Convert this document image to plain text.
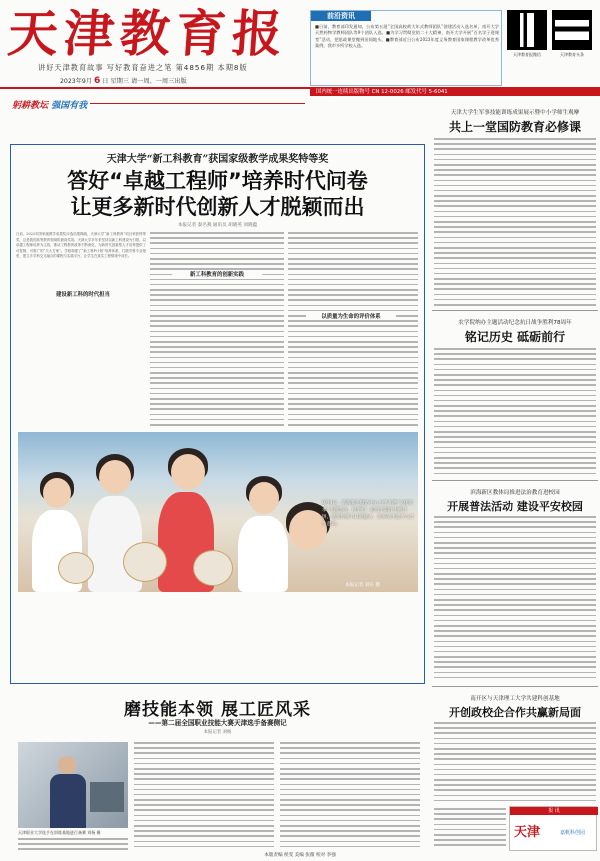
天津教育报
讲好天津教育故事 写好教育奋进之笔 第4856期 本期8版
2023年9月 6 日 星期三 请一周、一周三出版
前沿资讯
■日前，教育部印发通知，公布第五批“全国高校黄大年式教师团队”创建活动入选名单，南开大学天然药物学教师团队等9个团队入选。■为学习贯彻党的二十大精神，南开大学开展“百名学子进课堂”活动，把思政课堂搬到田间地头。■教育部近日公布2023年度义务教育国家课程教学改革优秀案例，我市多所学校入选。
天津教育报微信	天津教育头条
国内统一连续出版物号 CN 12-0026 邮发代号 5-6041
躬耕教坛 强国有我
天津大学“新工科教育”获国家级教学成果奖特等奖
答好“卓越工程师”培养时代问卷
让更多新时代创新人才脱颖而出
本报记者 秦名燕 通讯员 胡晓英 刘晓蕴
日前，2022年国家级教学成果奖评选结果揭晓，天津大学“新工科教育”项目荣获特等奖，这是我国高等教育领域的最高奖项。天津大学多年来坚持以新工科建设为引领，以卓越工程师培养为主线，推动工程教育改革不断深化，为新时代创新型人才培养提供了可复制、可推广的“天大方案”。学校构建了“新工科F计划”培养体系，打破学科专业壁垒，建立多学科交叉融合的课程与实践平台，让学生在真实工程情境中成长。
建设新工科的时代担当
新工科教育的创新实践
以质量为生命的评价体系
9月4日，滨海新区塘沽中心小学开展“文化传承”主题活动，同学们一起动手制作中秋月饼，感受传统节日的魅力，培养动手能力与合作意识。
本报记者 刘东 摄
磨技能本领 展工匠风采
——第二届全国职业技能大赛天津选手备赛侧记
本报记者 刘杨
天津职业大学选手在训练基地进行备赛 刘杨 摄
天津大学生军事技能训练成果展示暨中小学师生观摩
共上一堂国防教育必修课
农学院纳办主题活动纪念抗日战争胜利78周年
铭记历史 砥砺前行
滨海新区教体局推进法治教育进校园
开展普法活动 建设平安校园
南开区与天津理工大学共建科创基地
开创政校企合作共赢新局面
报 讯
天津	嘉帆科创园
本版责编 侯雯 美编 张薇 校对 李强
